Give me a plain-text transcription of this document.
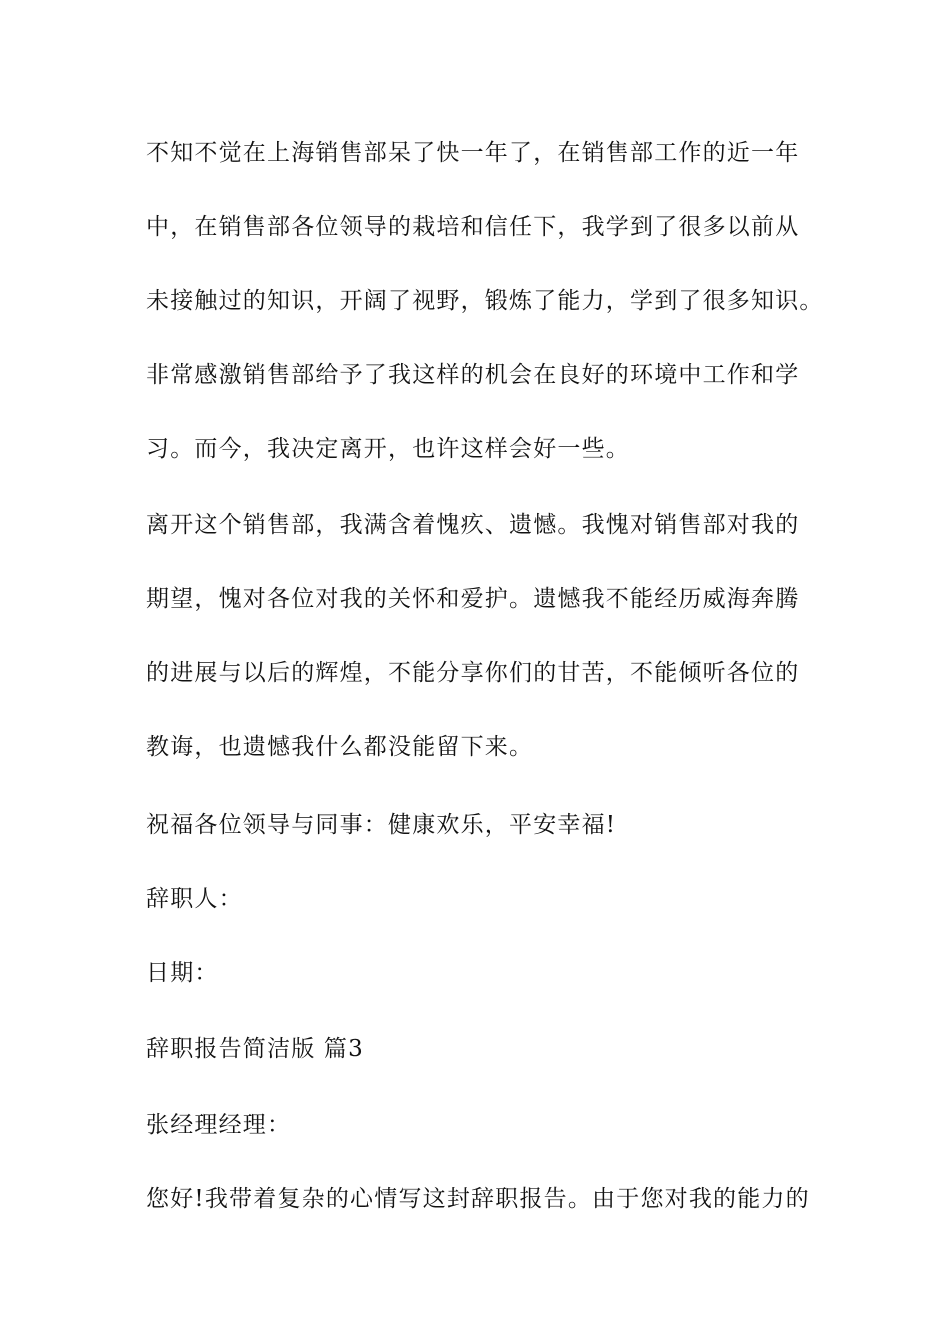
不知不觉在上海销售部呆了快一年了，在销售部工作的近一年
中，在销售部各位领导的栽培和信任下，我学到了很多以前从
未接触过的知识，开阔了视野，锻炼了能力，学到了很多知识。
非常感激销售部给予了我这样的机会在良好的环境中工作和学
习。而今，我决定离开，也许这样会好一些。
离开这个销售部，我满含着愧疚、遗憾。我愧对销售部对我的
期望，愧对各位对我的关怀和爱护。遗憾我不能经历威海奔腾
的进展与以后的辉煌，不能分享你们的甘苦，不能倾听各位的
教诲，也遗憾我什么都没能留下来。
祝福各位领导与同事：健康欢乐，平安幸福!
辞职人：
日期：
辞职报告简洁版 篇3
张经理经理：
您好!我带着复杂的心情写这封辞职报告。由于您对我的能力的
